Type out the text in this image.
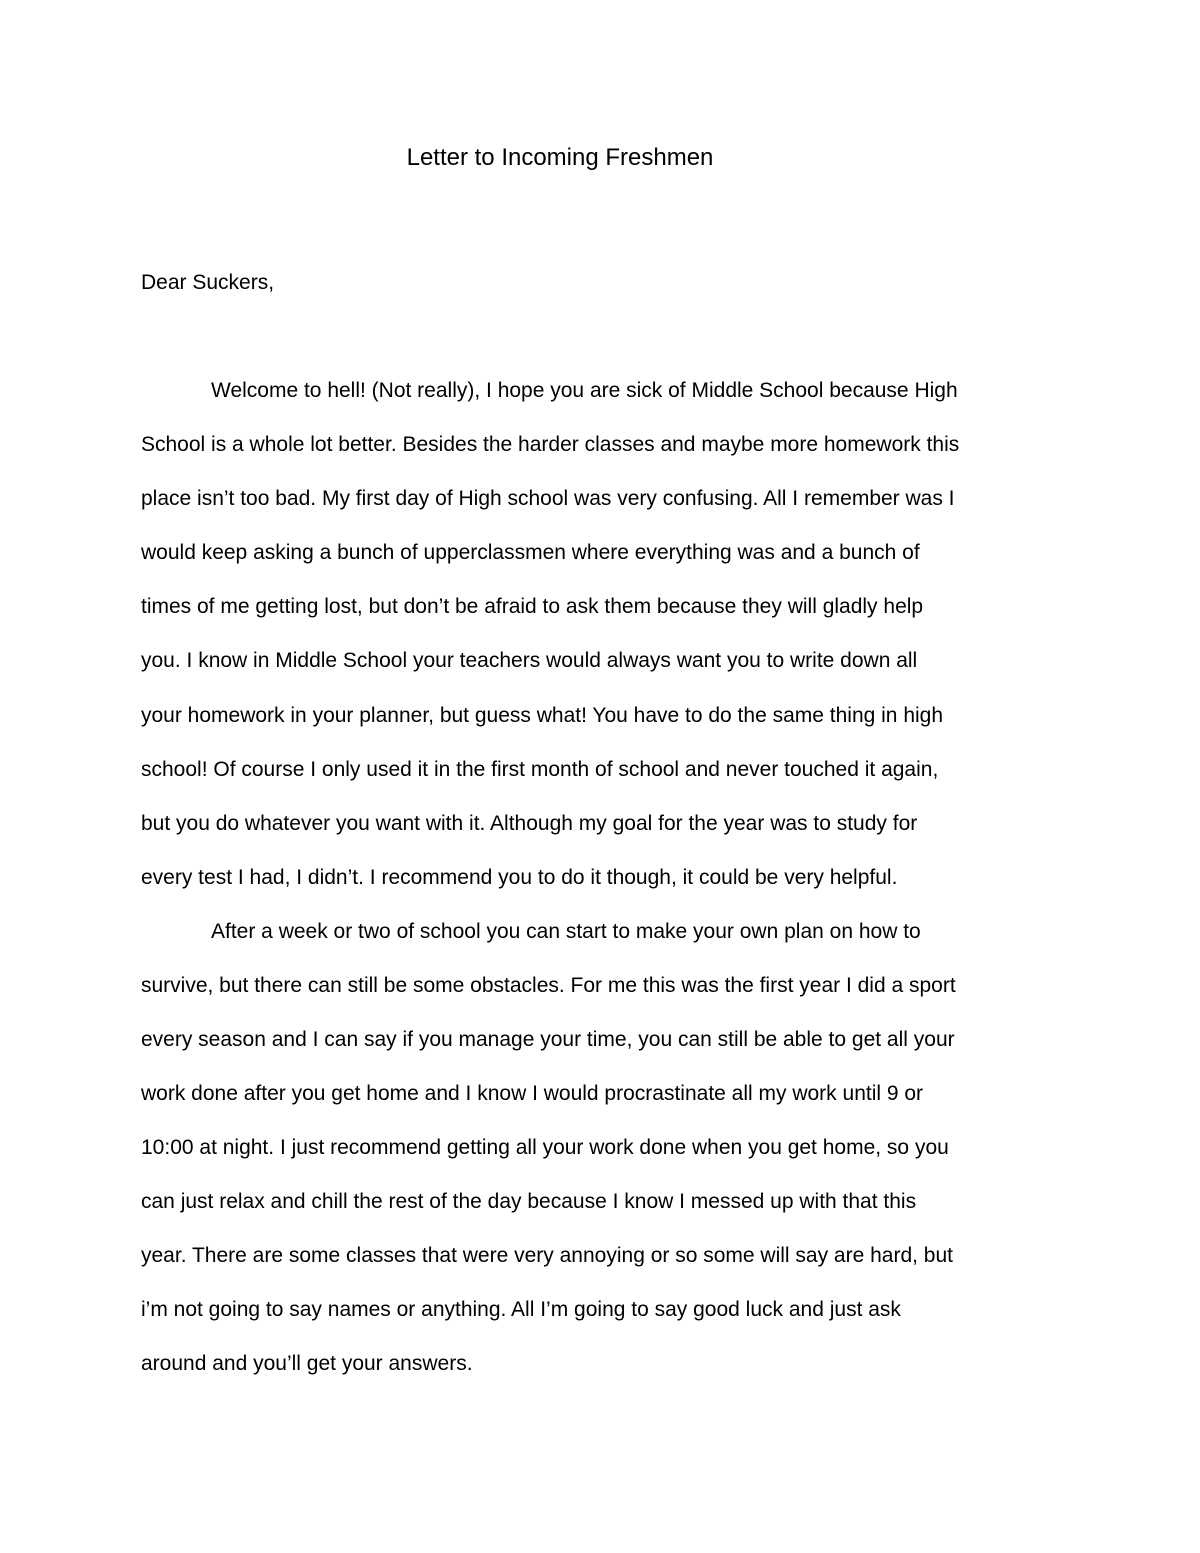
Letter to Incoming Freshmen
Dear Suckers,
Welcome to hell! (Not really), I hope you are sick of Middle School because High
School is a whole lot better. Besides the harder classes and maybe more homework this
place isn’t too bad. My first day of High school was very confusing. All I remember was I
would keep asking a bunch of upperclassmen where everything was and a bunch of
times of me getting lost, but don’t be afraid to ask them because they will gladly help
you. I know in Middle School your teachers would always want you to write down all
your homework in your planner, but guess what! You have to do the same thing in high
school! Of course I only used it in the first month of school and never touched it again,
but you do whatever you want with it. Although my goal for the year was to study for
every test I had, I didn’t. I recommend you to do it though, it could be very helpful.
After a week or two of school you can start to make your own plan on how to
survive, but there can still be some obstacles. For me this was the first year I did a sport
every season and I can say if you manage your time, you can still be able to get all your
work done after you get home and I know I would procrastinate all my work until 9 or
10:00 at night. I just recommend getting all your work done when you get home, so you
can just relax and chill the rest of the day because I know I messed up with that this
year. There are some classes that were very annoying or so some will say are hard, but
i’m not going to say names or anything. All I’m going to say good luck and just ask
around and you’ll get your answers.
